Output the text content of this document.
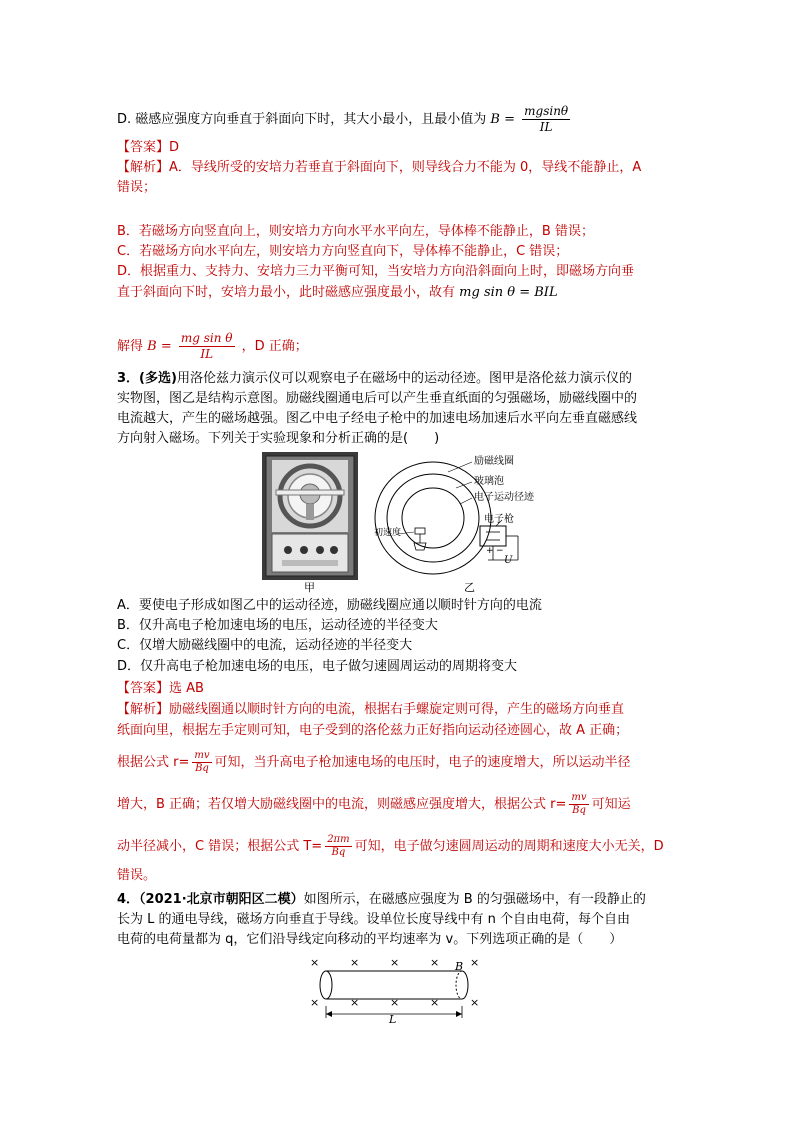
D. 磁感应强度方向垂直于斜面向下时，其大小最小，且最小值为 $B = \frac{mgsin\theta}{IL}$
【答案】D
【解析】A．导线所受的安培力若垂直于斜面向下，则导线合力不能为 0，导线不能静止，A
错误；
B．若磁场方向竖直向上，则安培力方向水平水平向左，导体棒不能静止，B 错误；
C．若磁场方向水平向左，则安培力方向竖直向下，导体棒不能静止，C 错误；
D．根据重力、支持力、安培力三力平衡可知，当安培力方向沿斜面向上时，即磁场方向垂
直于斜面向下时，安培力最小，此时磁感应强度最小，故有 mg sin θ = BIL
解得 $B = \frac{\text{mg sin θ}}{IL}$ ，D 正确；
3．(多选)用洛伦兹力演示仪可以观察电子在磁场中的运动径迹。图甲是洛伦兹力演示仪的
实物图，图乙是结构示意图。励磁线圈通电后可以产生垂直纸面的匀强磁场，励磁线圈中的
电流越大，产生的磁场越强。图乙中电子经电子枪中的加速电场加速后水平向左垂直磁感线
方向射入磁场。下列关于实验现象和分析正确的是(　　)
甲
励磁线圈
玻璃泡
电子运动径迹
电子枪
初速度
U
+ −
乙
A．要使电子形成如图乙中的运动径迹，励磁线圈应通以顺时针方向的电流
B．仅升高电子枪加速电场的电压，运动径迹的半径变大
C．仅增大励磁线圈中的电流，运动径迹的半径变大
D．仅升高电子枪加速电场的电压，电子做匀速圆周运动的周期将变大
【答案】选 AB
【解析】励磁线圈通以顺时针方向的电流，根据右手螺旋定则可得，产生的磁场方向垂直
纸面向里，根据左手定则可知，电子受到的洛伦兹力正好指向运动径迹圆心，故 A 正确；
根据公式 $r= \frac{mv}{Bq}$ 可知，当升高电子枪加速电场的电压时，电子的速度增大，所以运动半径
增大，B 正确；若仅增大励磁线圈中的电流，则磁感应强度增大，根据公式 $r= \frac{mv}{Bq}$ 可知运
动半径减小，C 错误；根据公式 $T= \frac{2\pi m}{Bq}$ 可知，电子做匀速圆周运动的周期和速度大小无关，D
错误。
4．（2021·北京市朝阳区二模）如图所示，在磁感应强度为 B 的匀强磁场中，有一段静止的
长为 L 的通电导线，磁场方向垂直于导线。设单位长度导线中有 n 个自由电荷，每个自由
电荷的电荷量都为 q，它们沿导线定向移动的平均速率为 v。下列选项正确的是（　　）
×	×	×	×	×
×	×	×	×	×
B
L
